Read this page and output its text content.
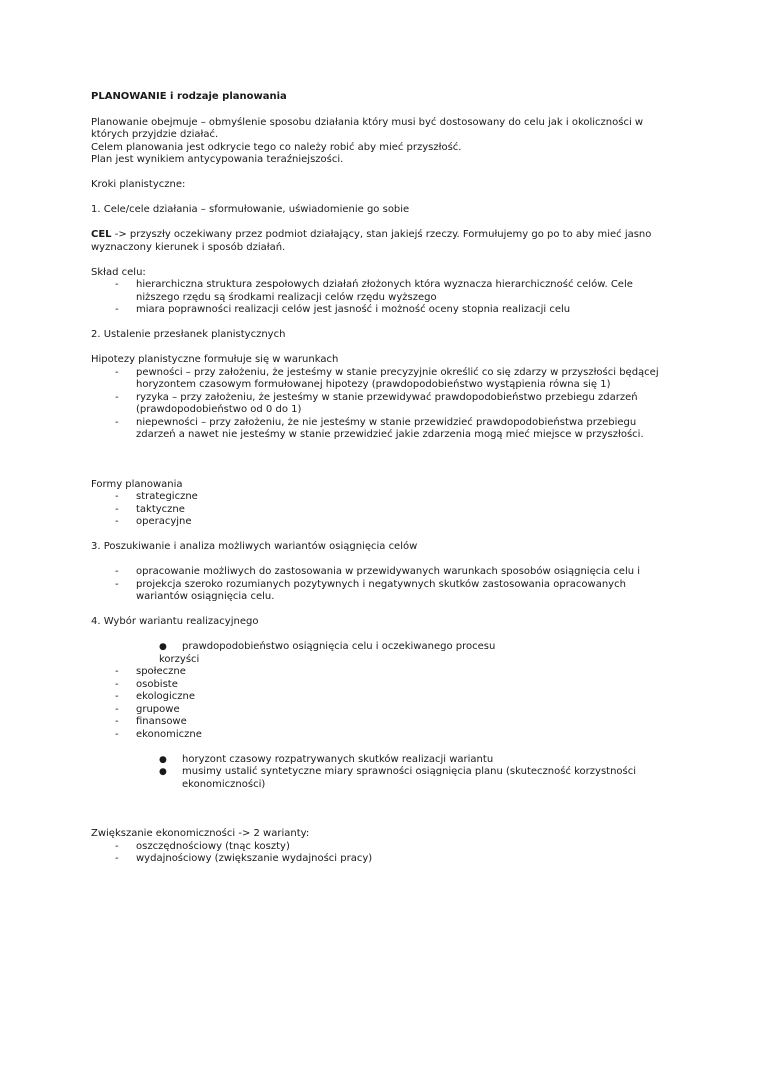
PLANOWANIE i rodzaje planowania

Planowanie obejmuje – obmyślenie sposobu działania który musi być dostosowany do celu jak i okoliczności w których przyjdzie działać.

Celem planowania jest odkrycie tego co należy robić aby mieć przyszłość.

Plan jest wynikiem antycypowania teraźniejszości.

Kroki planistyczne:

1. Cele/cele działania – sformułowanie, uświadomienie go sobie

CEL -> przyszły oczekiwany przez podmiot działający, stan jakiejś rzeczy. Formułujemy go po to aby mieć jasno wyznaczony kierunek i sposób działań.

Skład celu:

- hierarchiczna struktura zespołowych działań złożonych która wyznacza hierarchiczność celów. Cele niższego rzędu są środkami realizacji celów rzędu wyższego
- miara poprawności realizacji celów jest jasność i możność oceny stopnia realizacji celu

2. Ustalenie przesłanek planistycznych

Hipotezy planistyczne formułuje się w warunkach

- pewności – przy założeniu, że jesteśmy w stanie precyzyjnie określić co się zdarzy w przyszłości będącej horyzontem czasowym formułowanej hipotezy (prawdopodobieństwo wystąpienia równa się 1)
- ryzyka – przy założeniu, że jesteśmy w stanie przewidywać prawdopodobieństwo przebiegu zdarzeń (prawdopodobieństwo od 0 do 1)
- niepewności – przy założeniu, że nie jesteśmy w stanie przewidzieć prawdopodobieństwa przebiegu zdarzeń a nawet nie jesteśmy w stanie przewidzieć jakie zdarzenia mogą mieć miejsce w przyszłości.

Formy planowania

- strategiczne
- taktyczne
- operacyjne

3. Poszukiwanie i analiza możliwych wariantów osiągnięcia celów

- opracowanie możliwych do zastosowania w przewidywanych warunkach sposobów osiągnięcia celu i
- projekcja szeroko rozumianych pozytywnych i negatywnych skutków zastosowania opracowanych wariantów osiągnięcia celu.

4. Wybór wariantu realizacyjnego

● prawdopodobieństwo osiągnięcia celu i oczekiwanego procesu

korzyści

- społeczne
- osobiste
- ekologiczne
- grupowe
- finansowe
- ekonomiczne
● horyzont czasowy rozpatrywanych skutków realizacji wariantu
● musimy ustalić syntetyczne miary sprawności osiągnięcia planu (skuteczność korzystności ekonomiczności)

Zwiększanie ekonomiczności -> 2 warianty:

- oszczędnościowy (tnąc koszty)
- wydajnościowy (zwiększanie wydajności pracy)
